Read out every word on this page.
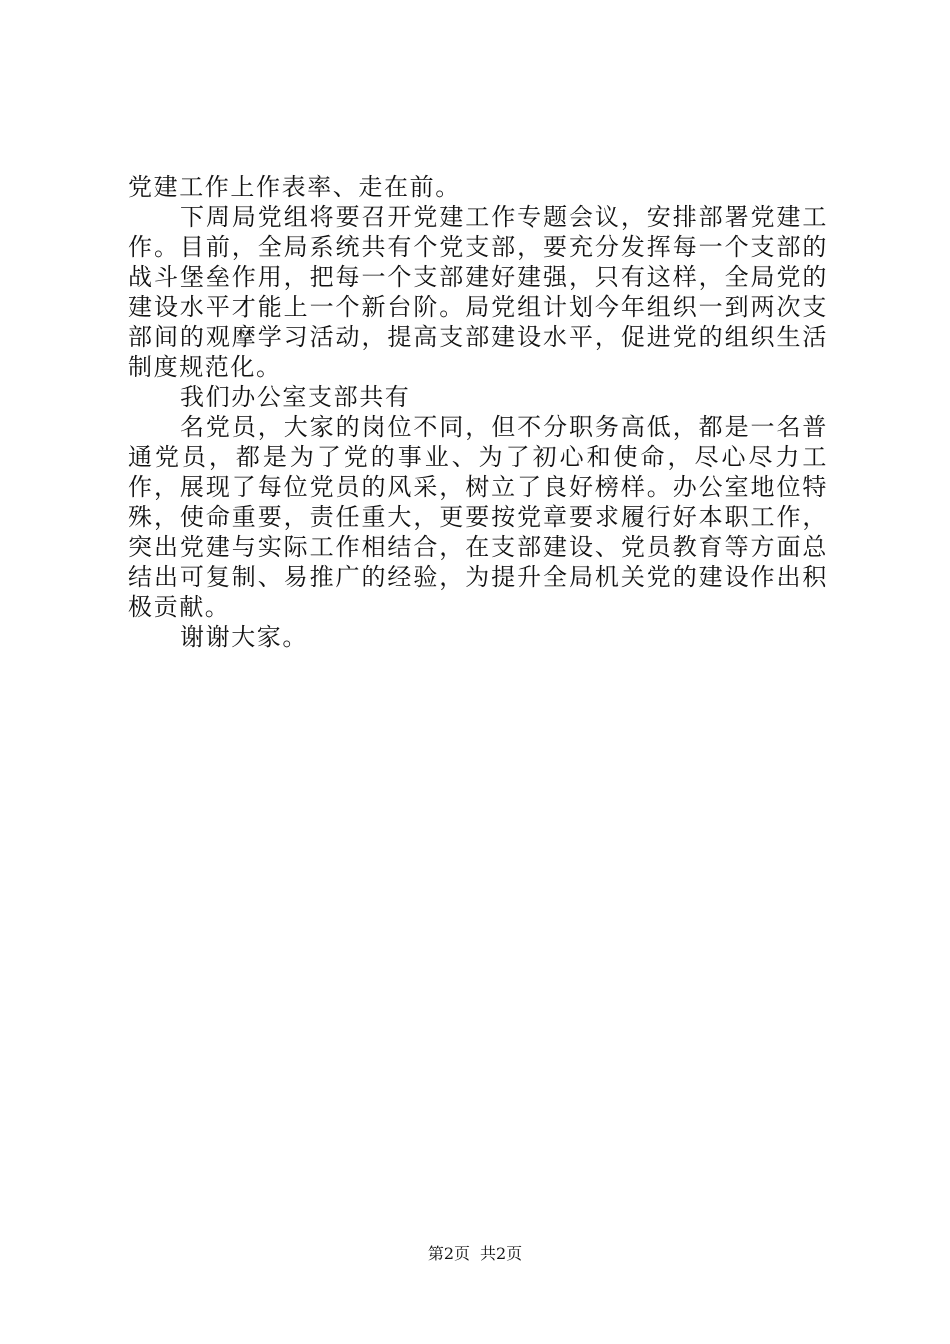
党建工作上作表率、走在前。

下周局党组将要召开党建工作专题会议，安排部署党建工作。目前，全局系统共有个党支部，要充分发挥每一个支部的战斗堡垒作用，把每一个支部建好建强，只有这样，全局党的建设水平才能上一个新台阶。局党组计划今年组织一到两次支部间的观摩学习活动，提高支部建设水平，促进党的组织生活制度规范化。

我们办公室支部共有

名党员，大家的岗位不同，但不分职务高低，都是一名普通党员，都是为了党的事业、为了初心和使命，尽心尽力工作，展现了每位党员的风采，树立了良好榜样。办公室地位特殊，使命重要，责任重大，更要按党章要求履行好本职工作，突出党建与实际工作相结合，在支部建设、党员教育等方面总结出可复制、易推广的经验，为提升全局机关党的建设作出积极贡献。

谢谢大家。

第2页 共2页
